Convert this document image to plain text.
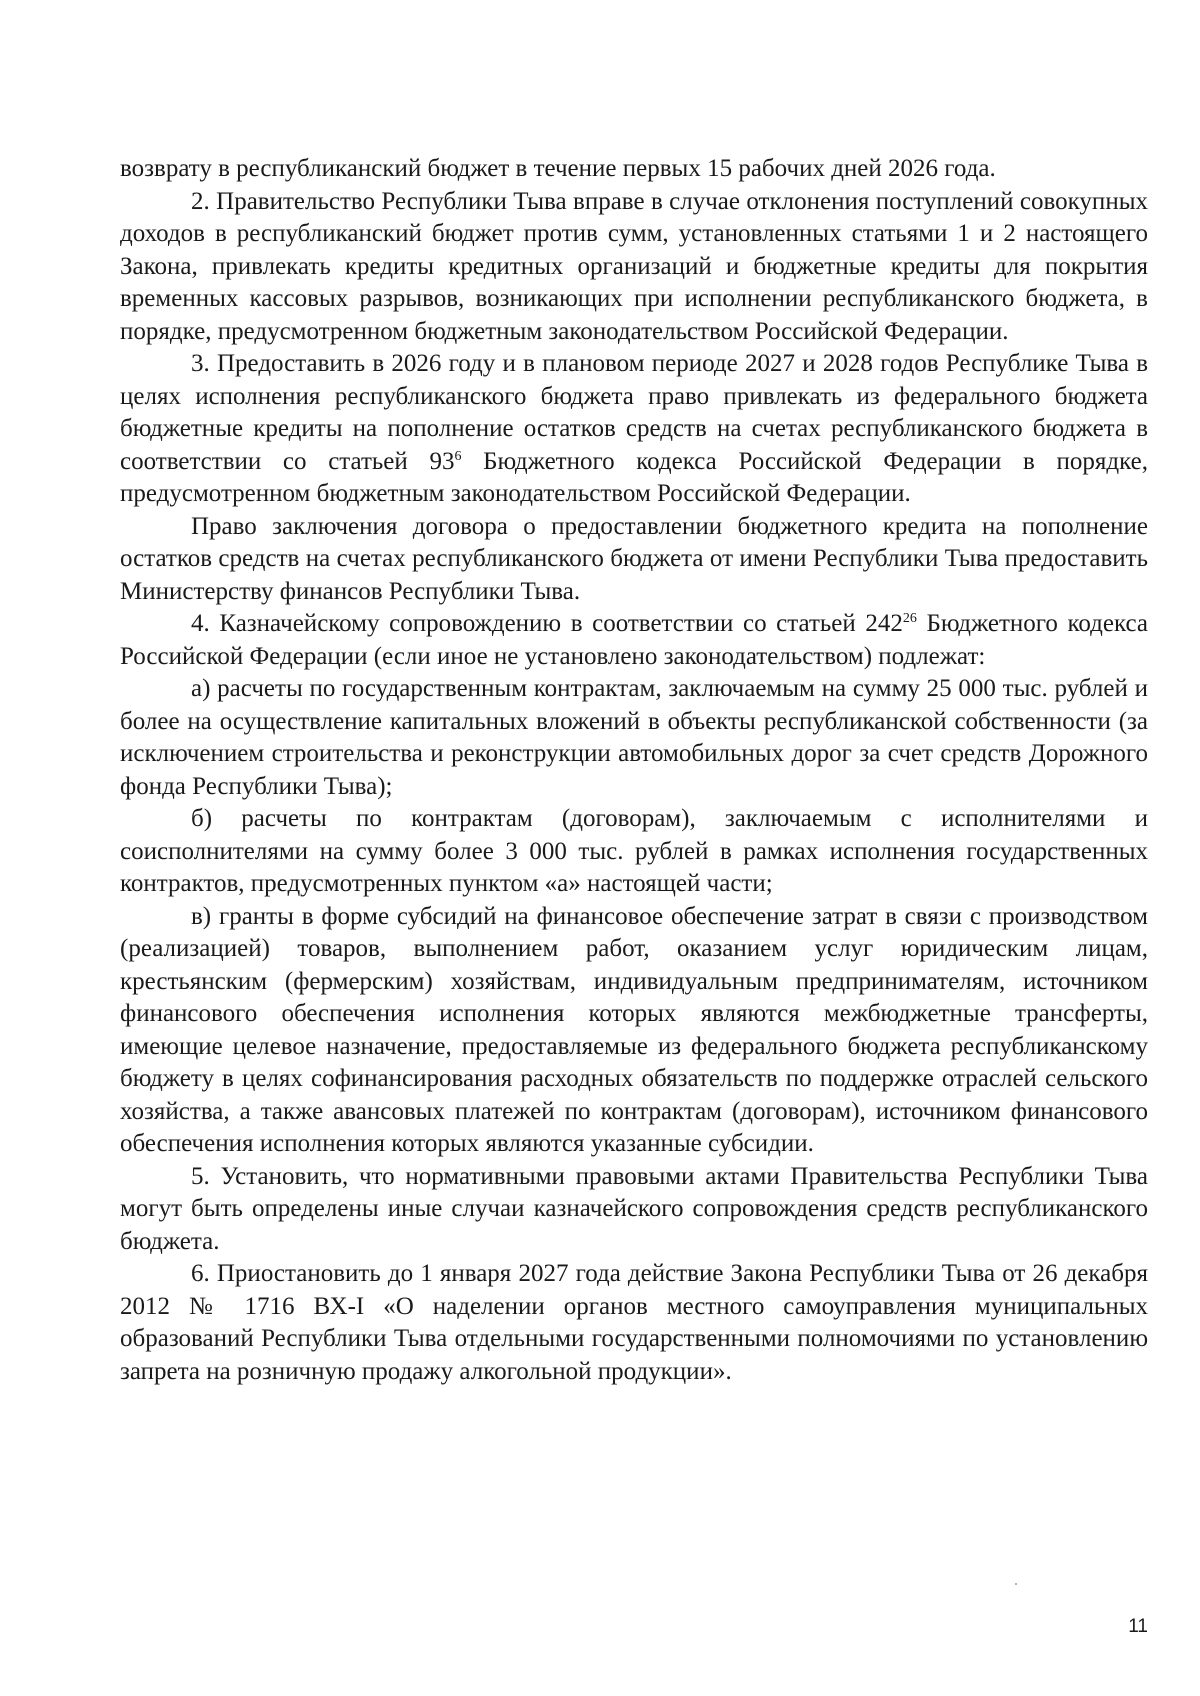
возврату в республиканский бюджет в течение первых 15 рабочих дней 2026 года.

2. Правительство Республики Тыва вправе в случае отклонения поступлений совокупных доходов в республиканский бюджет против сумм, установленных статьями 1 и 2 настоящего Закона, привлекать кредиты кредитных организаций и бюджетные кредиты для покрытия временных кассовых разрывов, возникающих при исполнении республиканского бюджета, в порядке, предусмотренном бюджетным законодательством Российской Федерации.

3. Предоставить в 2026 году и в плановом периоде 2027 и 2028 годов Республике Тыва в целях исполнения республиканского бюджета право привлекать из федерального бюджета бюджетные кредиты на пополнение остатков средств на счетах республиканского бюджета в соответствии со статьей $93^6$ Бюджетного кодекса Российской Федерации в порядке, предусмотренном бюджетным законодательством Российской Федерации.

Право заключения договора о предоставлении бюджетного кредита на пополнение остатков средств на счетах республиканского бюджета от имени Республики Тыва предоставить Министерству финансов Республики Тыва.

4. Казначейскому сопровождению в соответствии со статьей $242^{26}$ Бюджетного кодекса Российской Федерации (если иное не установлено законодательством) подлежат:

а) расчеты по государственным контрактам, заключаемым на сумму 25 000 тыс. рублей и более на осуществление капитальных вложений в объекты республиканской собственности (за исключением строительства и реконструкции автомобильных дорог за счет средств Дорожного фонда Республики Тыва);

б) расчеты по контрактам (договорам), заключаемым с исполнителями и соисполнителями на сумму более 3 000 тыс. рублей в рамках исполнения государственных контрактов, предусмотренных пунктом «а» настоящей части;

в) гранты в форме субсидий на финансовое обеспечение затрат в связи с производством (реализацией) товаров, выполнением работ, оказанием услуг юридическим лицам, крестьянским (фермерским) хозяйствам, индивидуальным предпринимателям, источником финансового обеспечения исполнения которых являются межбюджетные трансферты, имеющие целевое назначение, предоставляемые из федерального бюджета республиканскому бюджету в целях софинансирования расходных обязательств по поддержке отраслей сельского хозяйства, а также авансовых платежей по контрактам (договорам), источником финансового обеспечения исполнения которых являются указанные субсидии.

5. Установить, что нормативными правовыми актами Правительства Республики Тыва могут быть определены иные случаи казначейского сопровождения средств республиканского бюджета.

6. Приостановить до 1 января 2027 года действие Закона Республики Тыва от 26 декабря 2012 № 1716 ВХ-I «О наделении органов местного самоуправления муниципальных образований Республики Тыва отдельными государственными полномочиями по установлению запрета на розничную продажу алкогольной продукции».

11
